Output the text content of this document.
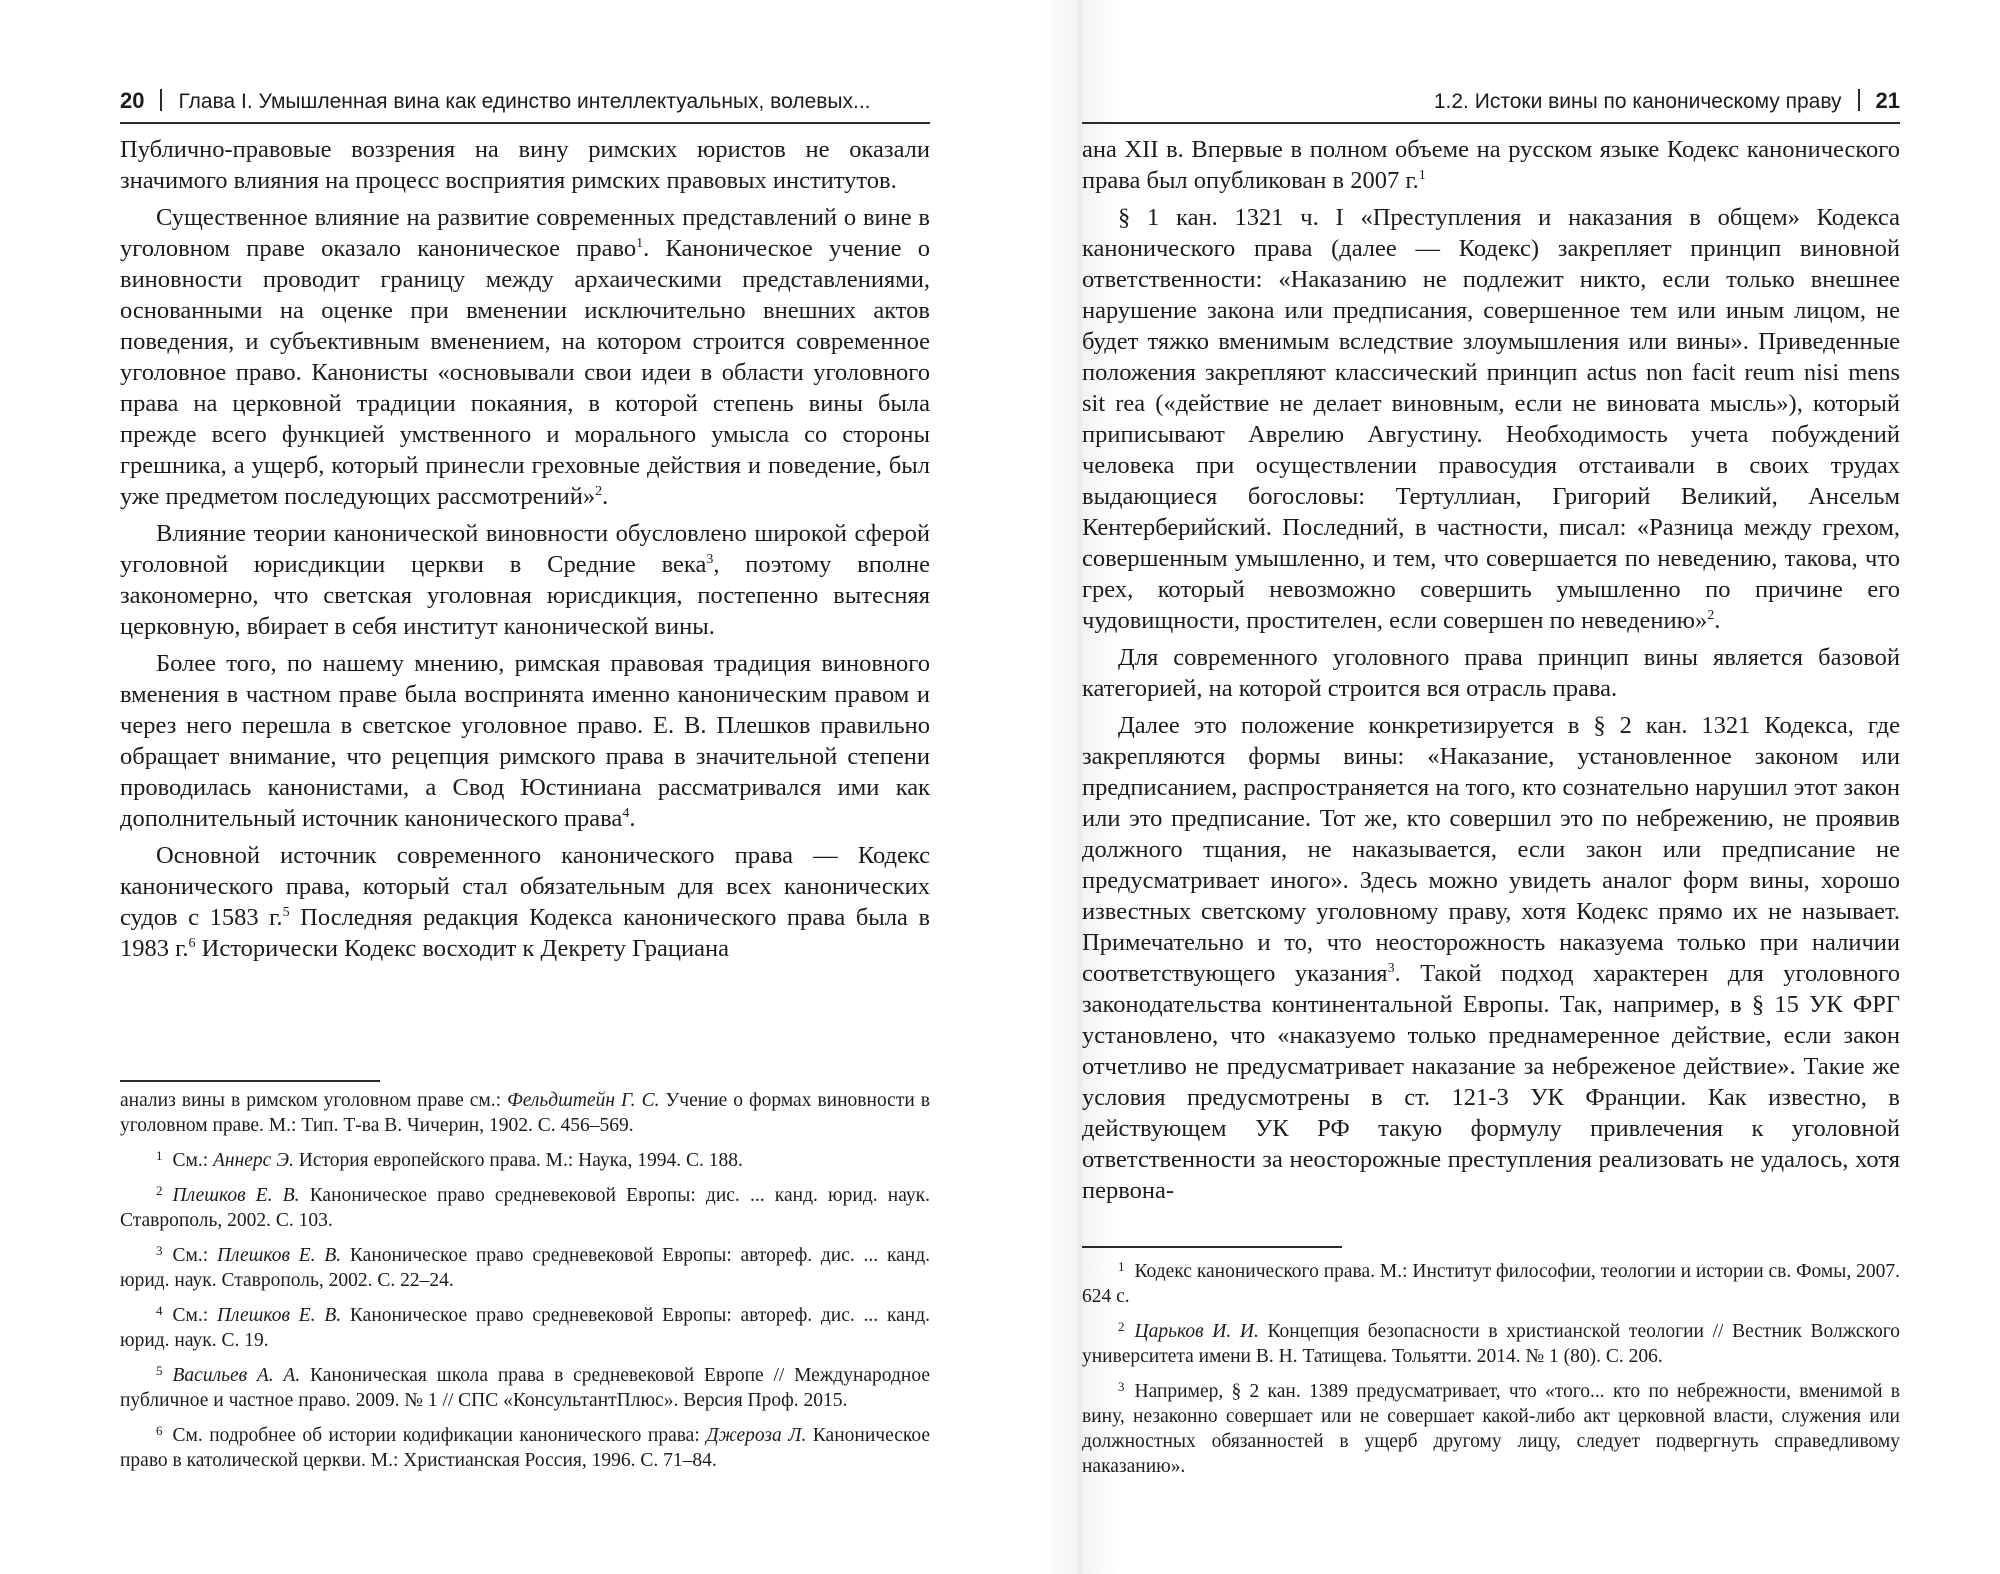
20 Глава I. Умышленная вина как единство интеллектуальных, волевых...

Публично-правовые воззрения на вину римских юристов не оказали значимого влияния на процесс восприятия римских правовых институтов.

Существенное влияние на развитие современных представлений о вине в уголовном праве оказало каноническое право$^1$. Каноническое учение о виновности проводит границу между архаическими представлениями, основанными на оценке при вменении исключительно внешних актов поведения, и субъективным вменением, на котором строится современное уголовное право. Канонисты «основывали свои идеи в области уголовного права на церковной традиции покаяния, в которой степень вины была прежде всего функцией умственного и морального умысла со стороны грешника, а ущерб, который принесли греховные действия и поведение, был уже предметом последующих рассмотрений»$^2$.

Влияние теории канонической виновности обусловлено широкой сферой уголовной юрисдикции церкви в Средние века$^3$, поэтому вполне закономерно, что светская уголовная юрисдикция, постепенно вытесняя церковную, вбирает в себя институт канонической вины.

Более того, по нашему мнению, римская правовая традиция виновного вменения в частном праве была воспринята именно каноническим правом и через него перешла в светское уголовное право. Е. В. Плешков правильно обращает внимание, что рецепция римского права в значительной степени проводилась канонистами, а Свод Юстиниана рассматривался ими как дополнительный источник канонического права$^4$.

Основной источник современного канонического права — Кодекс канонического права, который стал обязательным для всех канонических судов с 1583 г.$^5$ Последняя редакция Кодекса канонического права была в 1983 г.$^6$ Исторически Кодекс восходит к Декрету Грациана

анализ вины в римском уголовном праве см.: Фельдштейн Г. С. Учение о формах виновности в уголовном праве. М.: Тип. Т-ва В. Чичерин, 1902. С. 456–569.

$^1$ См.: Аннерс Э. История европейского права. М.: Наука, 1994. С. 188.

$^2$ Плешков Е. В. Каноническое право средневековой Европы: дис. ... канд. юрид. наук. Ставрополь, 2002. С. 103.

$^3$ См.: Плешков Е. В. Каноническое право средневековой Европы: автореф. дис. ... канд. юрид. наук. Ставрополь, 2002. С. 22–24.

$^4$ См.: Плешков Е. В. Каноническое право средневековой Европы: автореф. дис. ... канд. юрид. наук. С. 19.

$^5$ Васильев А. А. Каноническая школа права в средневековой Европе // Международное публичное и частное право. 2009. № 1 // СПС «КонсультантПлюс». Версия Проф. 2015.

$^6$ См. подробнее об истории кодификации канонического права: Джероза Л. Каноническое право в католической церкви. М.: Христианская Россия, 1996. С. 71–84.

1.2. Истоки вины по каноническому праву 21

ана XII в. Впервые в полном объеме на русском языке Кодекс канонического права был опубликован в 2007 г.$^1$

§ 1 кан. 1321 ч. I «Преступления и наказания в общем» Кодекса канонического права (далее — Кодекс) закрепляет принцип виновной ответственности: «Наказанию не подлежит никто, если только внешнее нарушение закона или предписания, совершенное тем или иным лицом, не будет тяжко вменимым вследствие злоумышления или вины». Приведенные положения закрепляют классический принцип actus non facit reum nisi mens sit rea («действие не делает виновным, если не виновата мысль»), который приписывают Аврелию Августину. Необходимость учета побуждений человека при осуществлении правосудия отстаивали в своих трудах выдающиеся богословы: Тертуллиан, Григорий Великий, Ансельм Кентерберийский. Последний, в частности, писал: «Разница между грехом, совершенным умышленно, и тем, что совершается по неведению, такова, что грех, который невозможно совершить умышленно по причине его чудовищности, простителен, если совершен по неведению»$^2$.

Для современного уголовного права принцип вины является базовой категорией, на которой строится вся отрасль права.

Далее это положение конкретизируется в § 2 кан. 1321 Кодекса, где закрепляются формы вины: «Наказание, установленное законом или предписанием, распространяется на того, кто сознательно нарушил этот закон или это предписание. Тот же, кто совершил это по небрежению, не проявив должного тщания, не наказывается, если закон или предписание не предусматривает иного». Здесь можно увидеть аналог форм вины, хорошо известных светскому уголовному праву, хотя Кодекс прямо их не называет. Примечательно и то, что неосторожность наказуема только при наличии соответствующего указания$^3$. Такой подход характерен для уголовного законодательства континентальной Европы. Так, например, в § 15 УК ФРГ установлено, что «наказуемо только преднамеренное действие, если закон отчетливо не предусматривает наказание за небреженое действие». Такие же условия предусмотрены в ст. 121-3 УК Франции. Как известно, в действующем УК РФ такую формулу привлечения к уголовной ответственности за неосторожные преступления реализовать не удалось, хотя первона-

$^1$ Кодекс канонического права. М.: Институт философии, теологии и истории св. Фомы, 2007. 624 с.

$^2$ Царьков И. И. Концепция безопасности в христианской теологии // Вестник Волжского университета имени В. Н. Татищева. Тольятти. 2014. № 1 (80). С. 206.

$^3$ Например, § 2 кан. 1389 предусматривает, что «того... кто по небрежности, вменимой в вину, незаконно совершает или не совершает какой-либо акт церковной власти, служения или должностных обязанностей в ущерб другому лицу, следует подвергнуть справедливому наказанию».
